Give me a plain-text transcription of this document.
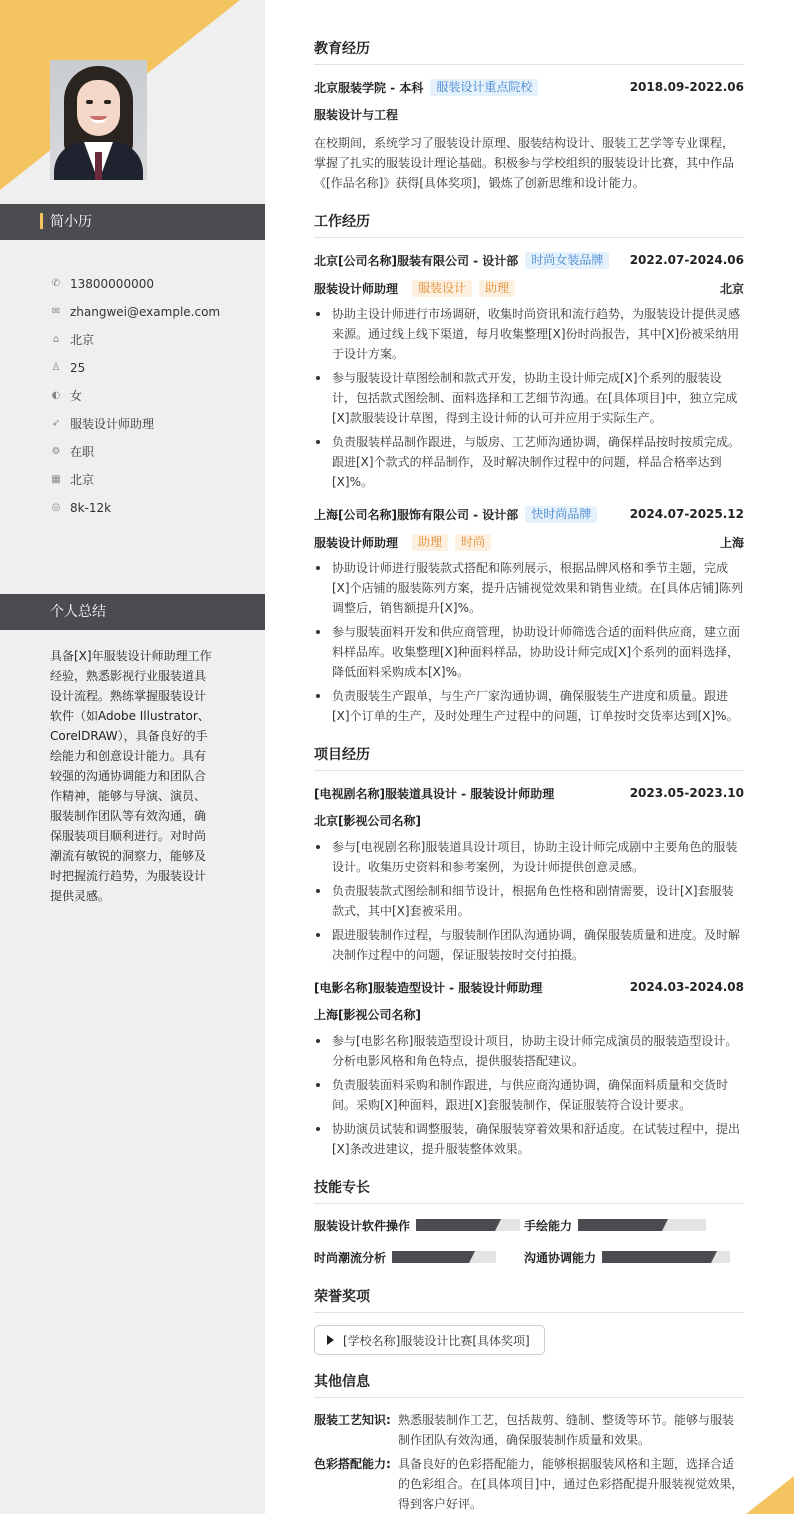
简小历
✆ 13800000000
✉ zhangwei@example.com
⌂ 北京
♙ 25
◐ 女
➶ 服装设计师助理
⚙ 在职
▦ 北京
◎ 8k-12k
个人总结
具备[X]年服装设计师助理工作经验，熟悉影视行业服装道具设计流程。熟练掌握服装设计软件（如Adobe Illustrator、CorelDRAW），具备良好的手绘能力和创意设计能力。具有较强的沟通协调能力和团队合作精神，能够与导演、演员、服装制作团队等有效沟通，确保服装项目顺利进行。对时尚潮流有敏锐的洞察力，能够及时把握流行趋势，为服装设计提供灵感。
教育经历
北京服装学院 - 本科	服装设计重点院校	2018.09-2022.06
服装设计与工程
在校期间，系统学习了服装设计原理、服装结构设计、服装工艺学等专业课程，掌握了扎实的服装设计理论基础。积极参与学校组织的服装设计比赛，其中作品《[作品名称]》获得[具体奖项]，锻炼了创新思维和设计能力。
工作经历
北京[公司名称]服装有限公司 - 设计部	时尚女装品牌	2022.07-2024.06
服装设计师助理	服装设计	助理	北京
协助主设计师进行市场调研，收集时尚资讯和流行趋势，为服装设计提供灵感来源。通过线上线下渠道，每月收集整理[X]份时尚报告，其中[X]份被采纳用于设计方案。
参与服装设计草图绘制和款式开发，协助主设计师完成[X]个系列的服装设计，包括款式图绘制、面料选择和工艺细节沟通。在[具体项目]中，独立完成[X]款服装设计草图，得到主设计师的认可并应用于实际生产。
负责服装样品制作跟进，与版房、工艺师沟通协调，确保样品按时按质完成。跟进[X]个款式的样品制作，及时解决制作过程中的问题，样品合格率达到[X]%。
上海[公司名称]服饰有限公司 - 设计部	快时尚品牌	2024.07-2025.12
服装设计师助理	助理	时尚	上海
协助设计师进行服装款式搭配和陈列展示，根据品牌风格和季节主题，完成[X]个店铺的服装陈列方案，提升店铺视觉效果和销售业绩。在[具体店铺]陈列调整后，销售额提升[X]%。
参与服装面料开发和供应商管理，协助设计师筛选合适的面料供应商，建立面料样品库。收集整理[X]种面料样品，协助设计师完成[X]个系列的面料选择，降低面料采购成本[X]%。
负责服装生产跟单，与生产厂家沟通协调，确保服装生产进度和质量。跟进[X]个订单的生产，及时处理生产过程中的问题，订单按时交货率达到[X]%。
项目经历
[电视剧名称]服装道具设计 - 服装设计师助理	2023.05-2023.10
北京[影视公司名称]
参与[电视剧名称]服装道具设计项目，协助主设计师完成剧中主要角色的服装设计。收集历史资料和参考案例，为设计师提供创意灵感。
负责服装款式图绘制和细节设计，根据角色性格和剧情需要，设计[X]套服装款式，其中[X]套被采用。
跟进服装制作过程，与服装制作团队沟通协调，确保服装质量和进度。及时解决制作过程中的问题，保证服装按时交付拍摄。
[电影名称]服装造型设计 - 服装设计师助理	2024.03-2024.08
上海[影视公司名称]
参与[电影名称]服装造型设计项目，协助主设计师完成演员的服装造型设计。分析电影风格和角色特点，提供服装搭配建议。
负责服装面料采购和制作跟进，与供应商沟通协调，确保面料质量和交货时间。采购[X]种面料，跟进[X]套服装制作，保证服装符合设计要求。
协助演员试装和调整服装，确保服装穿着效果和舒适度。在试装过程中，提出[X]条改进建议，提升服装整体效果。
技能专长
服装设计软件操作	手绘能力
时尚潮流分析	沟通协调能力
荣誉奖项
[学校名称]服装设计比赛[具体奖项]
其他信息
服装工艺知识: 熟悉服装制作工艺，包括裁剪、缝制、整烫等环节。能够与服装制作团队有效沟通，确保服装制作质量和效果。
色彩搭配能力: 具备良好的色彩搭配能力，能够根据服装风格和主题，选择合适的色彩组合。在[具体项目]中，通过色彩搭配提升服装视觉效果，得到客户好评。
